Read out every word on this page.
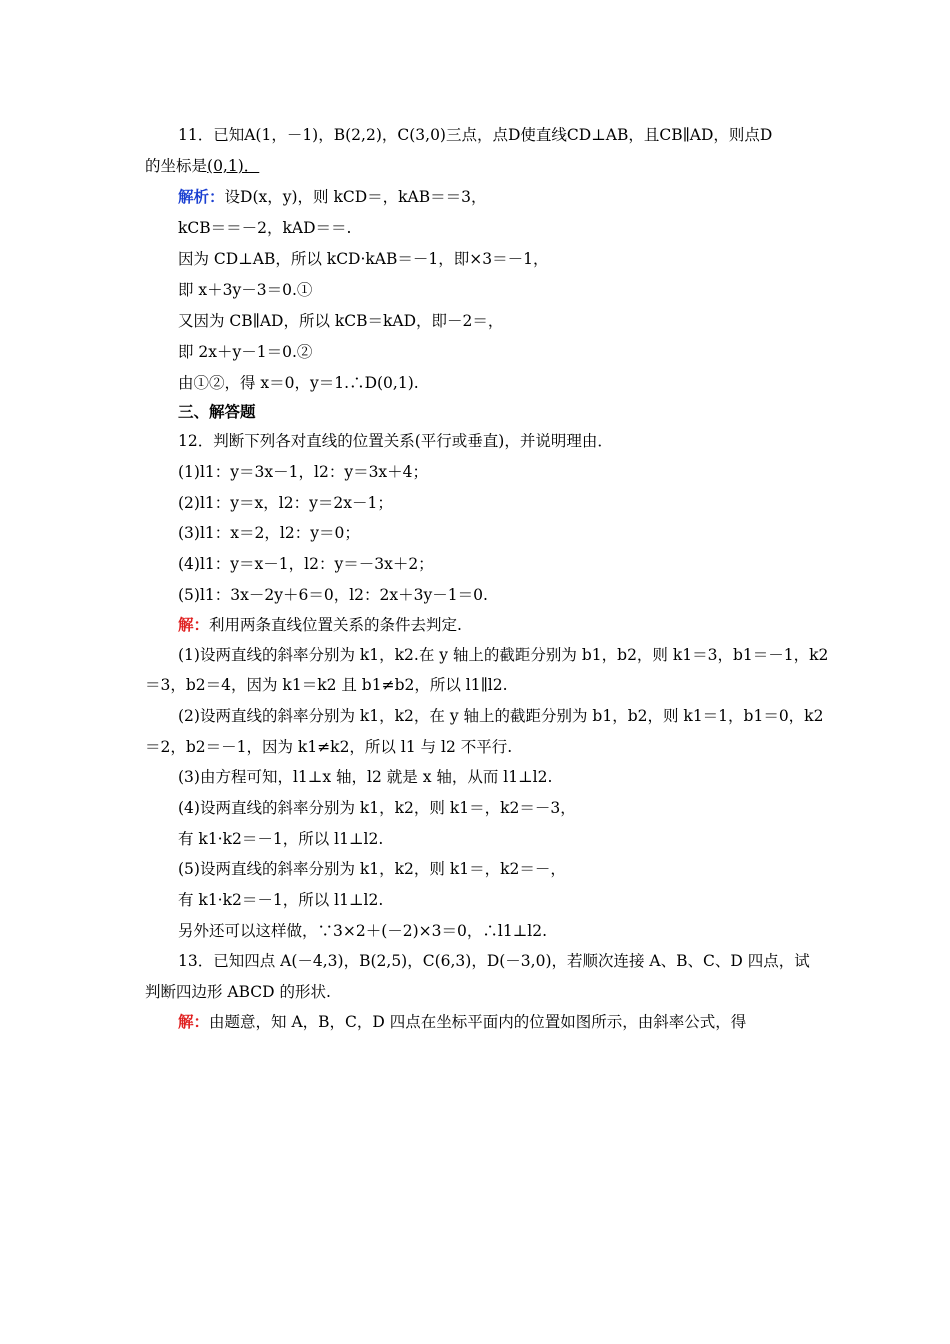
11．已知A(1，－1)，B(2,2)，C(3,0)三点，点D使直线CD⊥AB，且CB∥AD，则点D
的坐标是(0,1)．
解析：设D(x，y)，则 kCD＝，kAB＝＝3，
kCB＝＝－2，kAD＝＝.
因为 CD⊥AB，所以 kCD·kAB＝－1，即×3＝－1，
即 x＋3y－3＝0.①
又因为 CB∥AD，所以 kCB＝kAD，即－2＝，
即 2x＋y－1＝0.②
由①②，得 x＝0，y＝1.∴D(0,1).
三、解答题
12．判断下列各对直线的位置关系(平行或垂直)，并说明理由．
(1)l1：y＝3x－1，l2：y＝3x＋4；
(2)l1：y＝x，l2：y＝2x－1；
(3)l1：x＝2，l2：y＝0；
(4)l1：y＝x－1，l2：y＝－3x＋2；
(5)l1：3x－2y＋6＝0，l2：2x＋3y－1＝0.
解：利用两条直线位置关系的条件去判定.
(1)设两直线的斜率分别为 k1，k2.在 y 轴上的截距分别为 b1，b2，则 k1＝3，b1＝－1，k2
＝3，b2＝4，因为 k1＝k2 且 b1≠b2，所以 l1∥l2.
(2)设两直线的斜率分别为 k1，k2，在 y 轴上的截距分别为 b1，b2，则 k1＝1，b1＝0，k2
＝2，b2＝－1，因为 k1≠k2，所以 l1 与 l2 不平行.
(3)由方程可知，l1⊥x 轴，l2 就是 x 轴，从而 l1⊥l2.
(4)设两直线的斜率分别为 k1，k2，则 k1＝，k2＝－3，
有 k1·k2＝－1，所以 l1⊥l2.
(5)设两直线的斜率分别为 k1，k2，则 k1＝，k2＝－，
有 k1·k2＝－1，所以 l1⊥l2.
另外还可以这样做，∵3×2＋(－2)×3＝0，∴l1⊥l2.
13．已知四点 A(－4,3)，B(2,5)，C(6,3)，D(－3,0)，若顺次连接 A、B、C、D 四点，试
判断四边形 ABCD 的形状.
解：由题意，知 A，B，C，D 四点在坐标平面内的位置如图所示，由斜率公式，得
